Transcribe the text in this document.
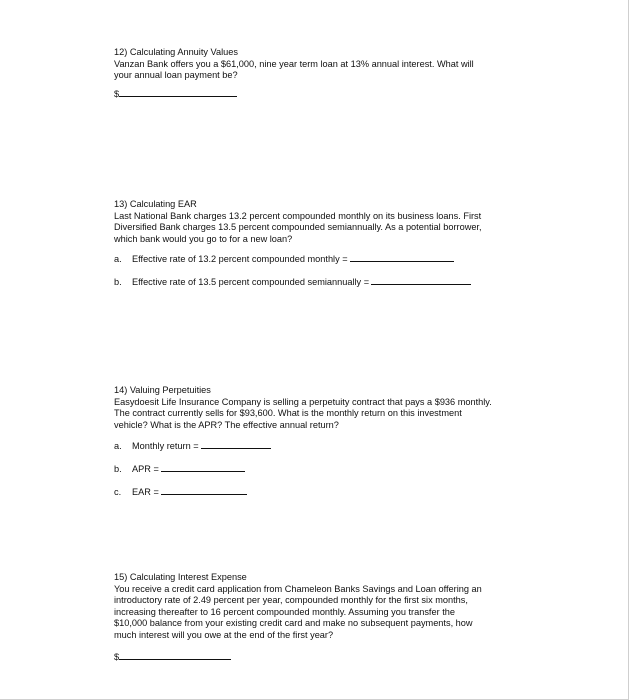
12) Calculating Annuity Values
Vanzan Bank offers you a $61,000, nine year term loan at 13% annual interest. What will
your annual loan payment be?
$
13) Calculating EAR
Last National Bank charges 13.2 percent compounded monthly on its business loans. First
Diversified Bank charges 13.5 percent compounded semiannually. As a potential borrower,
which bank would you go to for a new loan?
a. Effective rate of 13.2 percent compounded monthly =
b. Effective rate of 13.5 percent compounded semiannually =
14) Valuing Perpetuities
Easydoesit Life Insurance Company is selling a perpetuity contract that pays a $936 monthly.
The contract currently sells for $93,600. What is the monthly return on this investment
vehicle? What is the APR? The effective annual return?
a. Monthly return =
b. APR =
c. EAR =
15) Calculating Interest Expense
You receive a credit card application from Chameleon Banks Savings and Loan offering an
introductory rate of 2.49 percent per year, compounded monthly for the first six months,
increasing thereafter to 16 percent compounded monthly. Assuming you transfer the
$10,000 balance from your existing credit card and make no subsequent payments, how
much interest will you owe at the end of the first year?
$
